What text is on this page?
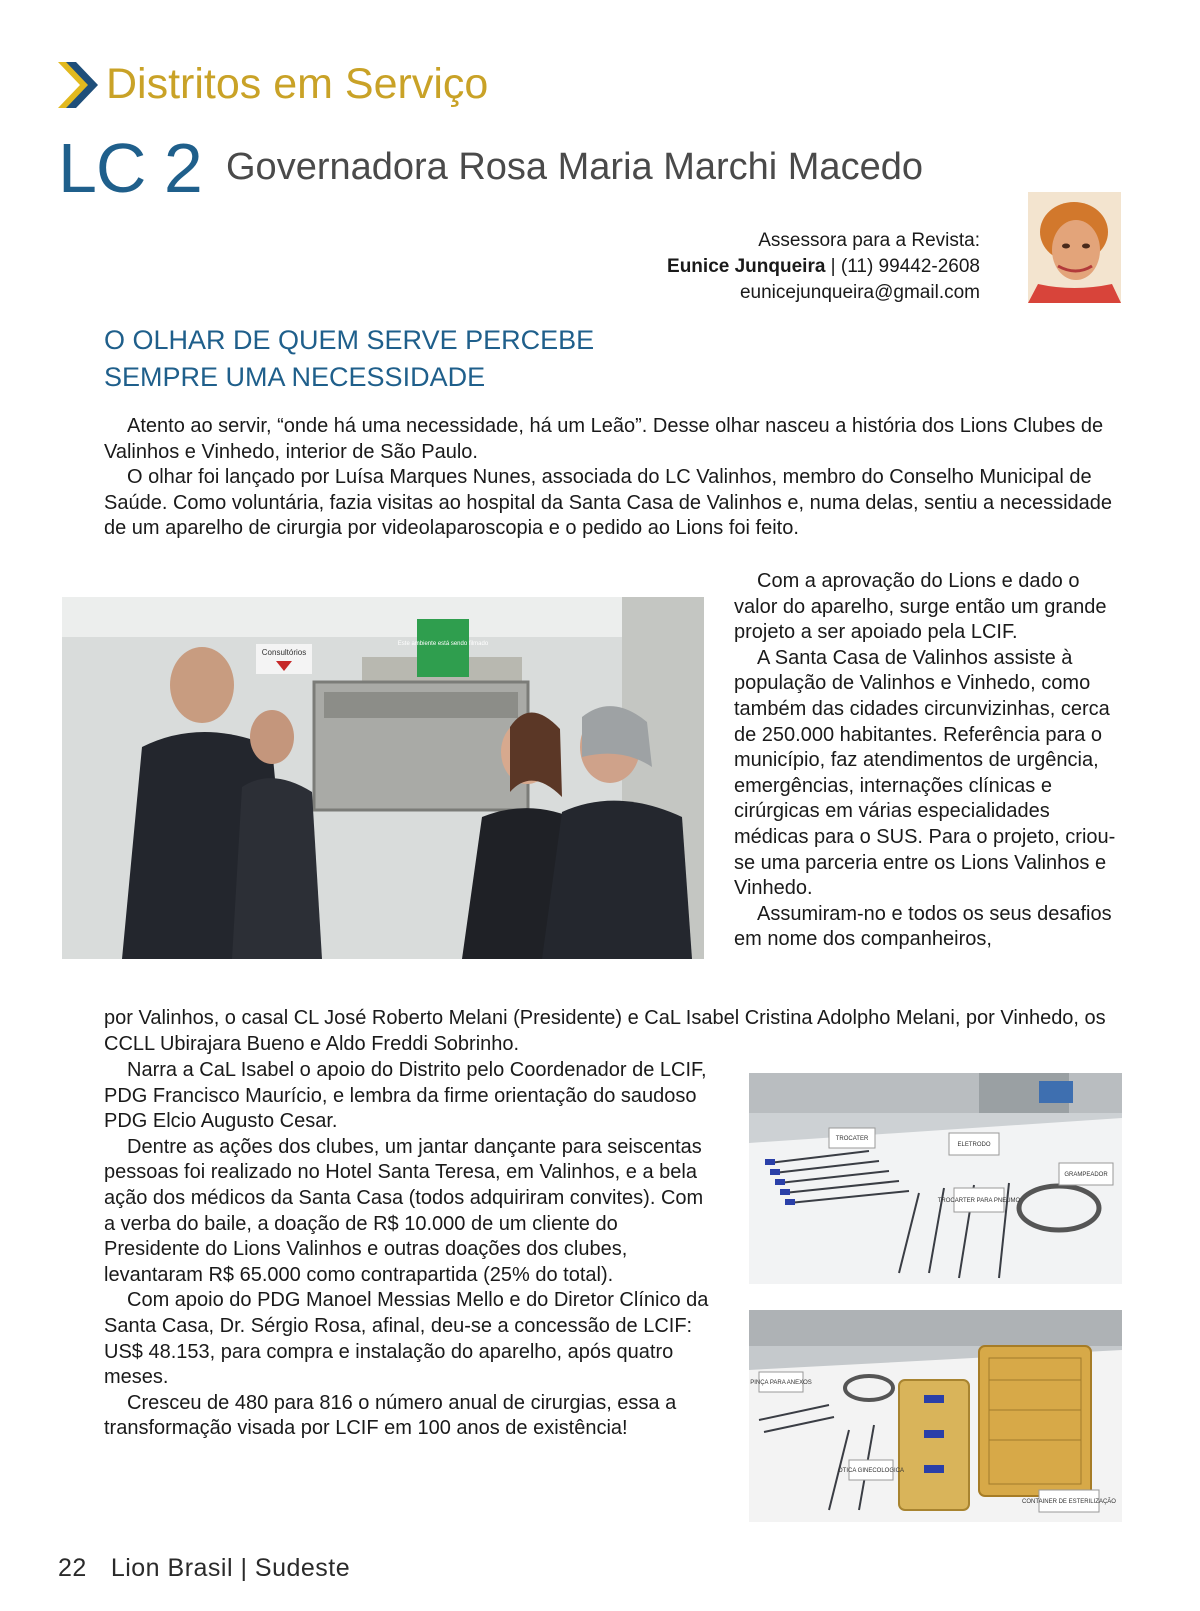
Distritos em Serviço
LC 2 Governadora Rosa Maria Marchi Macedo
Assessora para a Revista:
Eunice Junqueira | (11) 99442-2608
eunicejunqueira@gmail.com
O OLHAR DE QUEM SERVE PERCEBE
SEMPRE UMA NECESSIDADE

Atento ao servir, “onde há uma necessidade, há um Leão”. Desse olhar nasceu a história dos Lions Clubes de Valinhos e Vinhedo, interior de São Paulo.

O olhar foi lançado por Luísa Marques Nunes, associada do LC Valinhos, membro do Conselho Municipal de Saúde. Como voluntária, fazia visitas ao hospital da Santa Casa de Valinhos e, numa delas, sentiu a necessidade de um aparelho de cirurgia por videolaparoscopia e o pedido ao Lions foi feito.

Este ambiente está sendo filmado
Consultórios

Com a aprovação do Lions e dado o valor do aparelho, surge então um grande projeto a ser apoiado pela LCIF.

A Santa Casa de Valinhos assiste à população de Valinhos e Vinhedo, como também das cidades circunvizinhas, cerca de 250.000 habitantes. Referência para o município, faz atendimentos de urgência, emergências, internações clínicas e cirúrgicas em várias especialidades médicas para o SUS. Para o projeto, criou-se uma parceria entre os Lions Valinhos e Vinhedo.

Assumiram-no e todos os seus desafios em nome dos companheiros,

por Valinhos, o casal CL José Roberto Melani (Presidente) e CaL Isabel Cristina Adolpho Melani, por Vinhedo, os CCLL Ubirajara Bueno e Aldo Freddi Sobrinho.

Narra a CaL Isabel o apoio do Distrito pelo Coordenador de LCIF, PDG Francisco Maurício, e lembra da firme orientação do saudoso PDG Elcio Augusto Cesar.

Dentre as ações dos clubes, um jantar dançante para seiscentas pessoas foi realizado no Hotel Santa Teresa, em Valinhos, e a bela ação dos médicos da Santa Casa (todos adquiriram convites). Com a verba do baile, a doação de R$ 10.000 de um cliente do Presidente do Lions Valinhos e outras doações dos clubes, levantaram R$ 65.000 como contrapartida (25% do total).

Com apoio do PDG Manoel Messias Mello e do Diretor Clínico da Santa Casa, Dr. Sérgio Rosa, afinal, deu-se a concessão de LCIF: US$ 48.153, para compra e instalação do aparelho, após quatro meses.

Cresceu de 480 para 816 o número anual de cirurgias, essa a transformação visada por LCIF em 100 anos de existência!

TROCATER
ELETRODO
TROCARTER PARA PNEUMO
GRAMPEADOR
PINÇA PARA ANEXOS
ÓTICA GINECOLOGICA
CONTAINER DE ESTERILIZAÇÃO
22 Lion Brasil | Sudeste
